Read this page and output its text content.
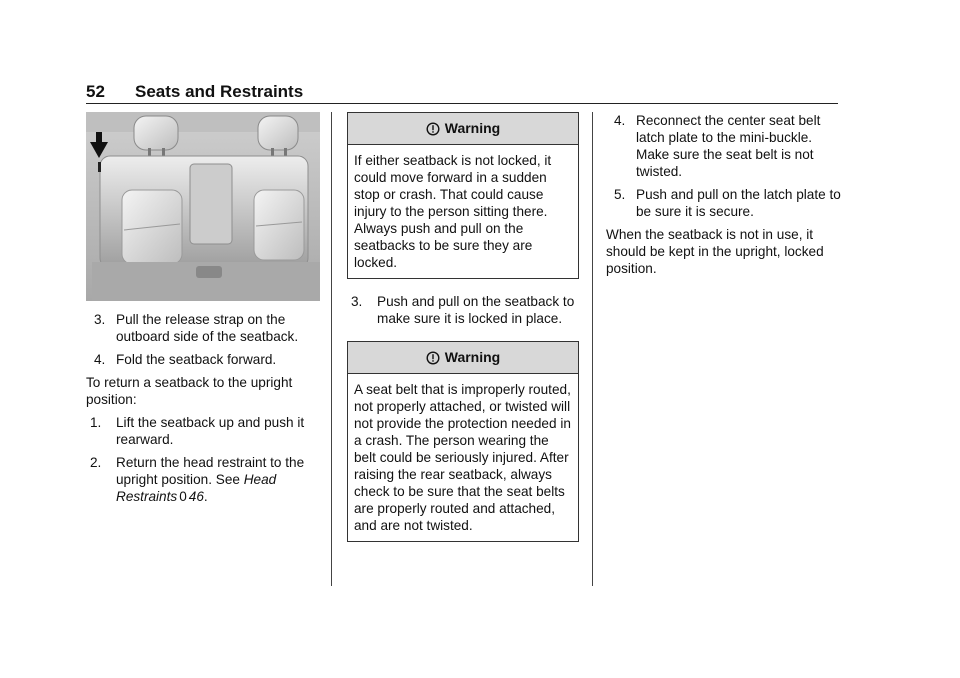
52 Seats and Restraints
3. Pull the release strap on the outboard side of the seatback.
4. Fold the seatback forward.

To return a seatback to the upright position:

1. Lift the seatback up and push it rearward.
2. Return the head restraint to the upright position. See Head Restraints 0 46.
Warning
If either seatback is not locked, it could move forward in a sudden stop or crash. That could cause injury to the person sitting there. Always push and pull on the seatbacks to be sure they are locked.
3. Push and pull on the seatback to make sure it is locked in place.
Warning
A seat belt that is improperly routed, not properly attached, or twisted will not provide the protection needed in a crash. The person wearing the belt could be seriously injured. After raising the rear seatback, always check to be sure that the seat belts are properly routed and attached, and are not twisted.
4. Reconnect the center seat belt latch plate to the mini-buckle. Make sure the seat belt is not twisted.
5. Push and pull on the latch plate to be sure it is secure.

When the seatback is not in use, it should be kept in the upright, locked position.
